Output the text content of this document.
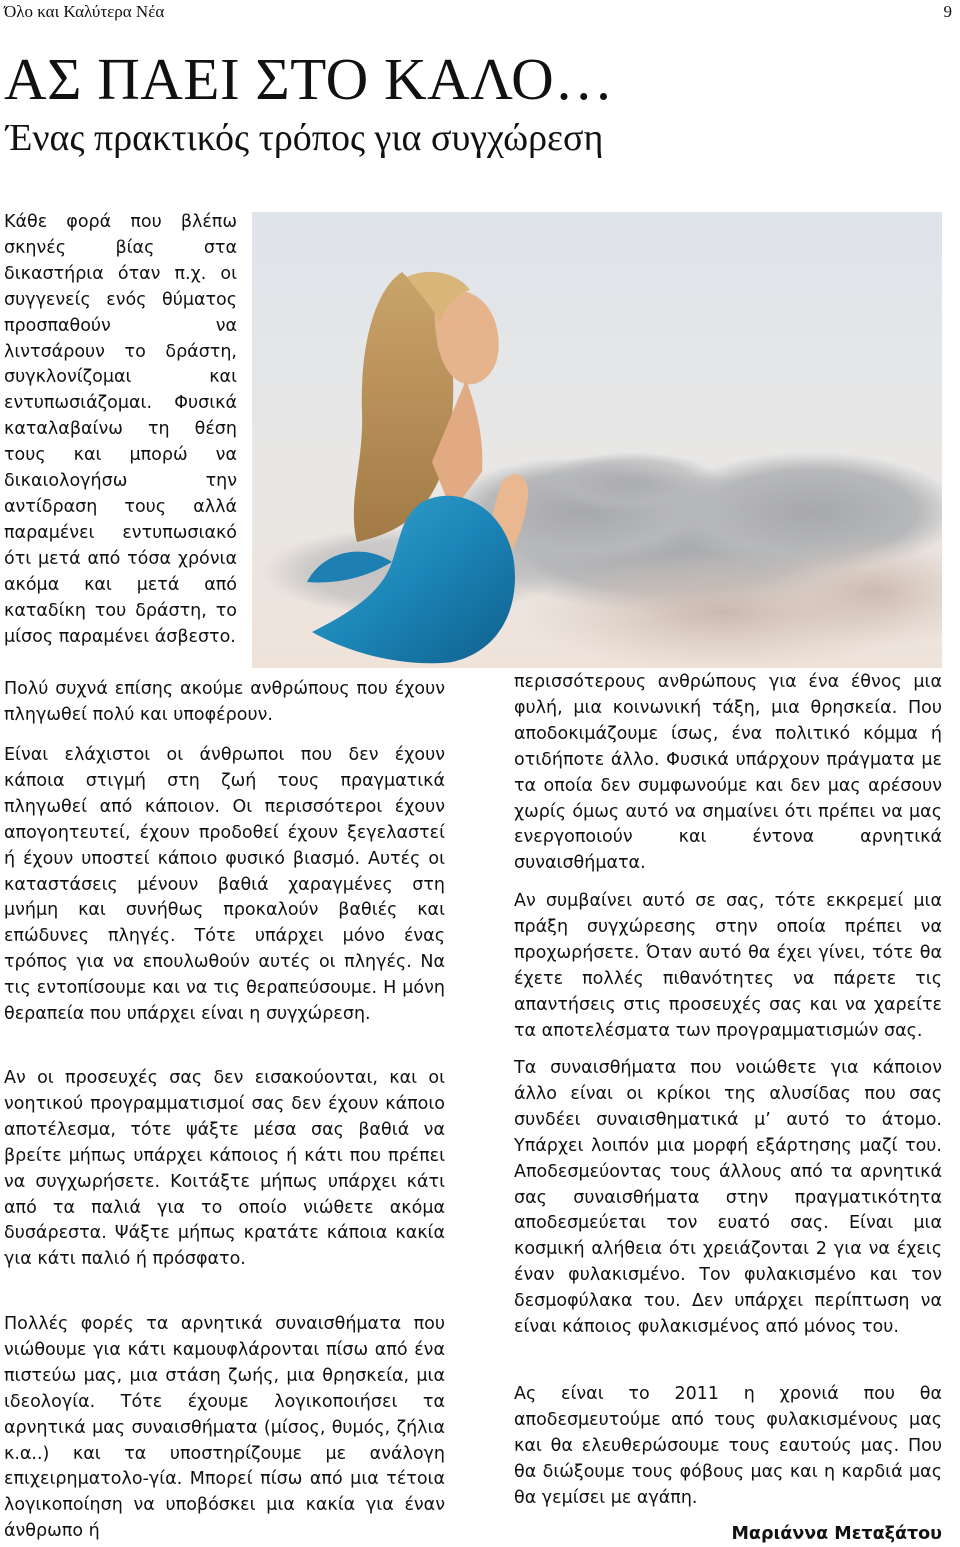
Όλο και Καλύτερα Νέα	9
ΑΣ ΠΑΕΙ ΣΤΟ ΚΑΛΟ…
Ένας πρακτικός τρόπος για συγχώρεση

Κάθε φορά που βλέπω σκηνές βίας στα δικαστήρια όταν π.χ. οι συγγενείς ενός θύματος προσπαθούν να λιντσάρουν το δράστη, συγκλονίζομαι και εντυπωσιάζομαι. Φυσικά καταλαβαίνω τη θέση τους και μπορώ να δικαιολογήσω την αντίδραση τους αλλά παραμένει εντυπωσιακό ότι μετά από τόσα χρόνια ακόμα και μετά από καταδίκη του δράστη, το μίσος παραμένει άσβεστο.

Πολύ συχνά επίσης ακούμε ανθρώπους που έχουν πληγωθεί πολύ και υποφέρουν.

Είναι ελάχιστοι οι άνθρωποι που δεν έχουν κάποια στιγμή στη ζωή τους πραγματικά πληγωθεί από κάποιον. Οι περισσότεροι έχουν απογοητευτεί, έχουν προδοθεί έχουν ξεγελαστεί ή έχουν υποστεί κάποιο φυσικό βιασμό. Αυτές οι καταστάσεις μένουν βαθιά χαραγμένες στη μνήμη και συνήθως προκαλούν βαθιές και επώδυνες πληγές. Τότε υπάρχει μόνο ένας τρόπος για να επουλωθούν αυτές οι πληγές. Να τις εντοπίσουμε και να τις θεραπεύσουμε. Η μόνη θεραπεία που υπάρχει είναι η συγχώρεση.

Αν οι προσευχές σας δεν εισακούονται, και οι νοητικού προγραμματισμοί σας δεν έχουν κάποιο αποτέλεσμα, τότε ψάξτε μέσα σας βαθιά να βρείτε μήπως υπάρχει κάποιος ή κάτι που πρέπει να συγχωρήσετε. Κοιτάξτε μήπως υπάρχει κάτι από τα παλιά για το οποίο νιώθετε ακόμα δυσάρεστα. Ψάξτε μήπως κρατάτε κάποια κακία για κάτι παλιό ή πρόσφατο.

Πολλές φορές τα αρνητικά συναισθήματα που νιώθουμε για κάτι καμουφλάρονται πίσω από ένα πιστεύω μας, μια στάση ζωής, μια θρησκεία, μια ιδεολογία. Τότε έχουμε λογικοποιήσει τα αρνητικά μας συναισθήματα (μίσος, θυμός, ζήλια κ.α..) και τα υποστηρίζουμε με ανάλογη επιχειρηματολο-γία. Μπορεί πίσω από μια τέτοια λογικοποίηση να υποβόσκει μια κακία για έναν άνθρωπο ή

περισσότερους ανθρώπους για ένα έθνος μια φυλή, μια κοινωνική τάξη, μια θρησκεία. Που αποδοκιμάζουμε ίσως, ένα πολιτικό κόμμα ή οτιδήποτε άλλο. Φυσικά υπάρχουν πράγματα με τα οποία δεν συμφωνούμε και δεν μας αρέσουν χωρίς όμως αυτό να σημαίνει ότι πρέπει να μας ενεργοποιούν και έντονα αρνητικά συναισθήματα.

Αν συμβαίνει αυτό σε σας, τότε εκκρεμεί μια πράξη συγχώρεσης στην οποία πρέπει να προχωρήσετε. Όταν αυτό θα έχει γίνει, τότε θα έχετε πολλές πιθανότητες να πάρετε τις απαντήσεις στις προσευχές σας και να χαρείτε τα αποτελέσματα των προγραμματισμών σας.

Τα συναισθήματα που νοιώθετε για κάποιον άλλο είναι οι κρίκοι της αλυσίδας που σας συνδέει συναισθηματικά μ’ αυτό το άτομο. Υπάρχει λοιπόν μια μορφή εξάρτησης μαζί του. Αποδεσμεύοντας τους άλλους από τα αρνητικά σας συναισθήματα στην πραγματικότητα αποδεσμεύεται τον ευατό σας. Είναι μια κοσμική αλήθεια ότι χρειάζονται 2 για να έχεις έναν φυλακισμένο. Τον φυλακισμένο και τον δεσμοφύλακα του. Δεν υπάρχει περίπτωση να είναι κάποιος φυλακισμένος από μόνος του.

Ας είναι το 2011 η χρονιά που θα αποδεσμευτούμε από τους φυλακισμένους μας και θα ελευθερώσουμε τους εαυτούς μας. Που θα διώξουμε τους φόβους μας και η καρδιά μας θα γεμίσει με αγάπη.

Μαριάννα Μεταξάτου
